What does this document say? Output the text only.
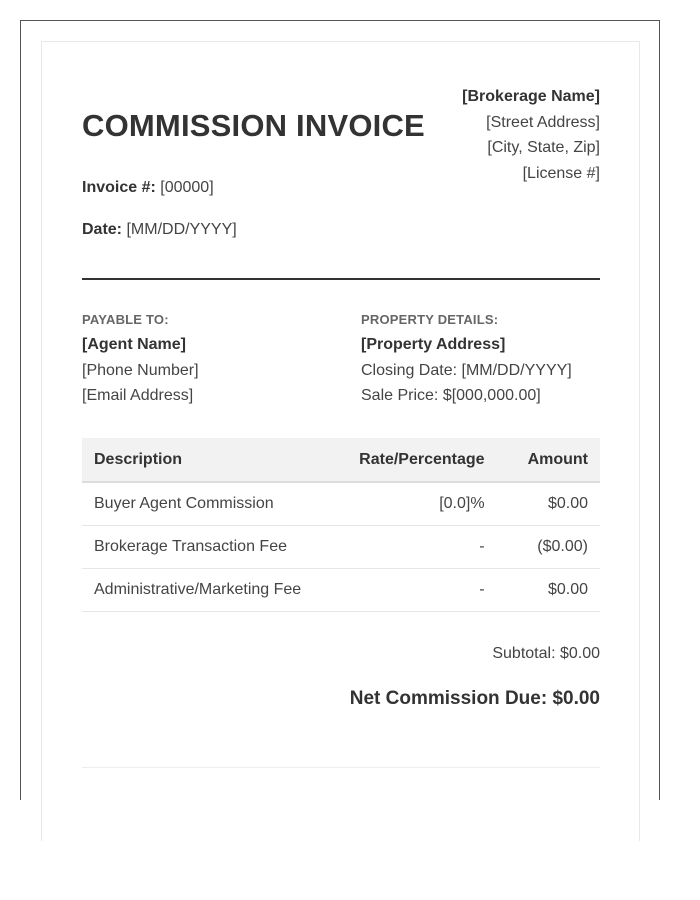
COMMISSION INVOICE
Invoice #: [00000]
Date: [MM/DD/YYYY]
[Brokerage Name]
[Street Address]
[City, State, Zip]
[License #]
PAYABLE TO:
[Agent Name]
[Phone Number]
[Email Address]
PROPERTY DETAILS:
[Property Address]
Closing Date: [MM/DD/YYYY]
Sale Price: $[000,000.00]
Description	Rate/Percentage	Amount
Buyer Agent Commission	[0.0]%	$0.00
Brokerage Transaction Fee	-	($0.00)
Administrative/Marketing Fee	-	$0.00
Subtotal: $0.00
Net Commission Due: $0.00
